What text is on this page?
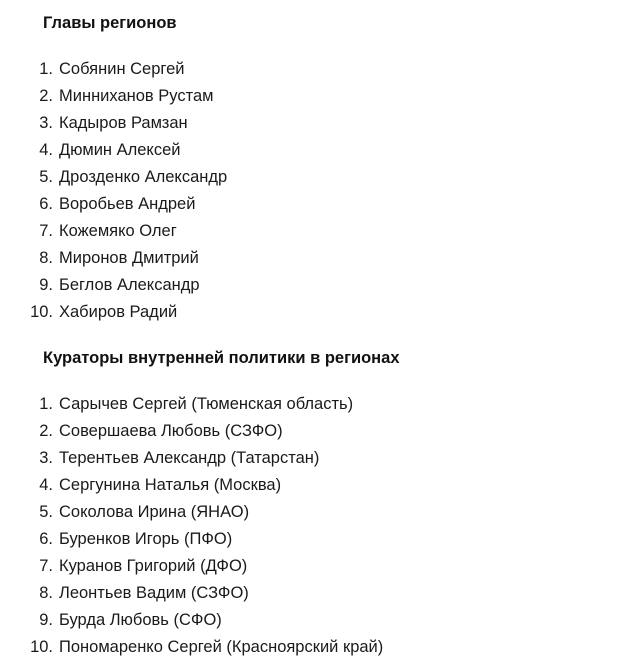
Главы регионов
1. Собянин Сергей
2. Минниханов Рустам
3. Кадыров Рамзан
4. Дюмин Алексей
5. Дрозденко Александр
6. Воробьев Андрей
7. Кожемяко Олег
8. Миронов Дмитрий
9. Беглов Александр
10. Хабиров Радий
Кураторы внутренней политики в регионах
1. Сарычев Сергей (Тюменская область)
2. Совершаева Любовь (СЗФО)
3. Терентьев Александр (Татарстан)
4. Сергунина Наталья (Москва)
5. Соколова Ирина (ЯНАО)
6. Буренков Игорь (ПФО)
7. Куранов Григорий (ДФО)
8. Леонтьев Вадим (СЗФО)
9. Бурда Любовь (СФО)
10. Пономаренко Сергей (Красноярский край)
